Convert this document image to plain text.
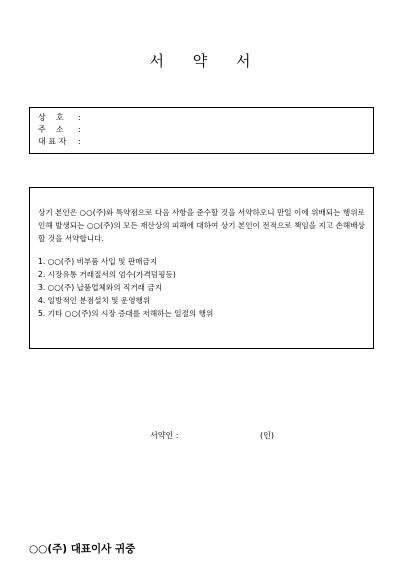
서 약 서
상    호	:
주    소	:
대 표 자	:

상기 본인은 ○○(주)와 특약점으로 다음 사항을 준수할 것을 서약하오니 만일 이에 위배되는 행위로 인해 발생되는 ○○(주)의 모든 재산상의 피해에 대하여 상기 본인이 전적으로 책임을 지고 손해배상 할 것을 서약합니다.

1. ○○(주) 비부품 사입 및 판매금지
2. 시장유통 거래질서의 엄수(가격덤핑등)
3. ○○(주) 납품업체와의 직거래 금지
4. 일방적인 분점설치 및 운영행위
5. 기타 ○○(주)의 시장 증대를 저해하는 일절의 행위
서약인 :	(인)
○○(주) 대표이사 귀중
